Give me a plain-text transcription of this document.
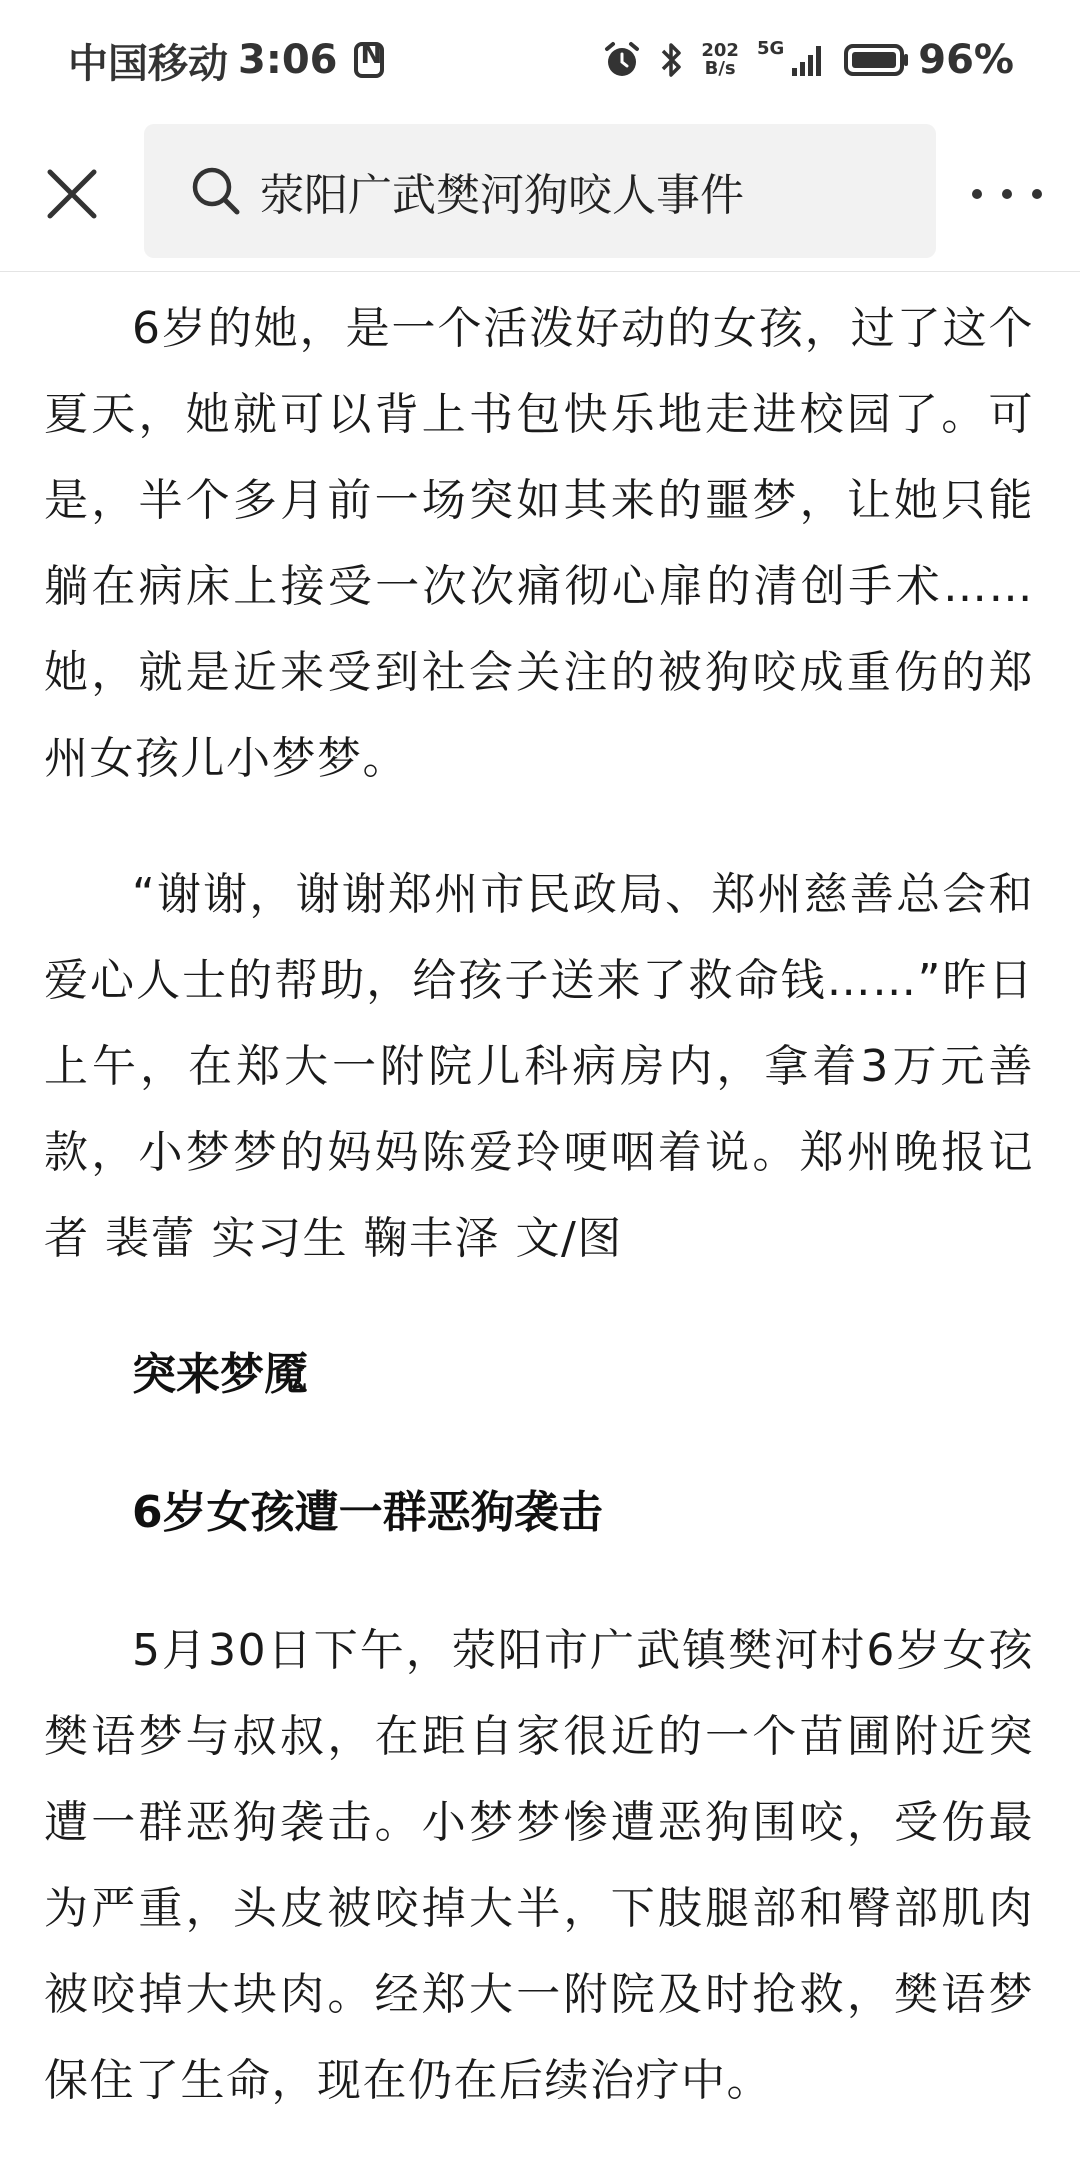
中国移动 3:06
N	202
B/s
5G	96%
荥阳广武樊河狗咬人事件

6岁的她，是一个活泼好动的女孩，过了这个夏天，她就可以背上书包快乐地走进校园了。可是，半个多月前一场突如其来的噩梦，让她只能躺在病床上接受一次次痛彻心扉的清创手术……她，就是近来受到社会关注的被狗咬成重伤的郑州女孩儿小梦梦。

“谢谢，谢谢郑州市民政局、郑州慈善总会和爱心人士的帮助，给孩子送来了救命钱……”昨日上午，在郑大一附院儿科病房内，拿着3万元善款，小梦梦的妈妈陈爱玲哽咽着说。郑州晚报记者 裴蕾 实习生 鞠丰泽 文/图

突来梦魇

6岁女孩遭一群恶狗袭击

5月30日下午，荥阳市广武镇樊河村6岁女孩樊语梦与叔叔，在距自家很近的一个苗圃附近突遭一群恶狗袭击。小梦梦惨遭恶狗围咬，受伤最为严重，头皮被咬掉大半，下肢腿部和臀部肌肉被咬掉大块肉。经郑大一附院及时抢救，樊语梦保住了生命，现在仍在后续治疗中。
